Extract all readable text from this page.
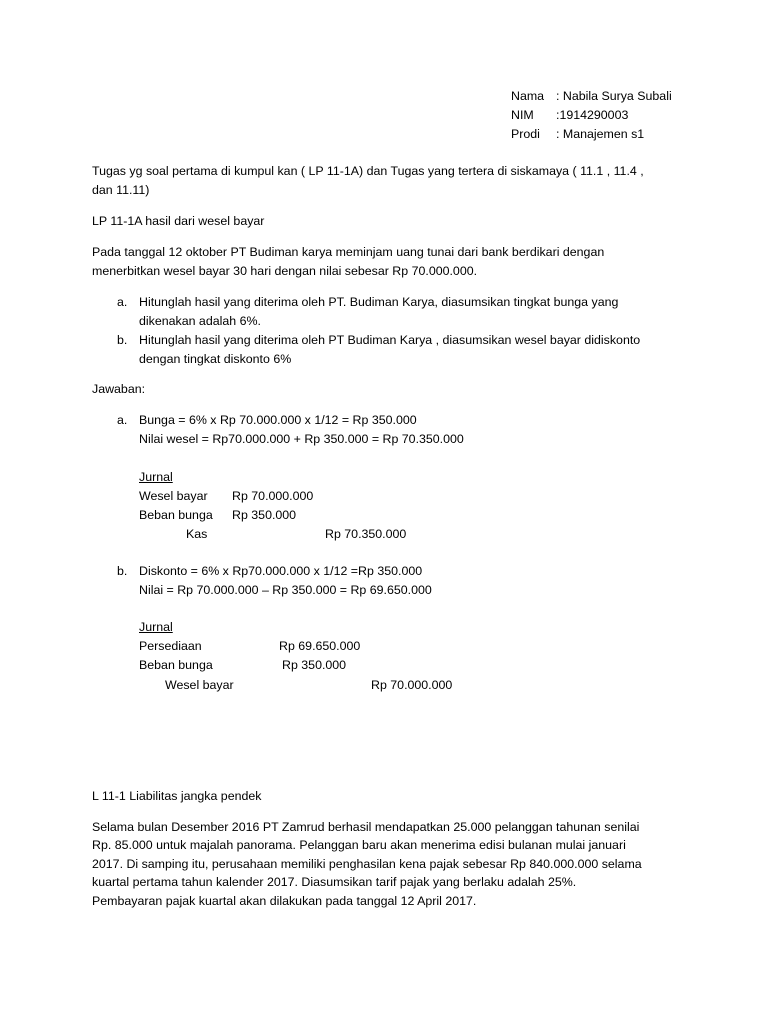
Nama : Nabila Surya Subali
NIM :1914290003
Prodi : Manajemen s1
Tugas yg soal pertama di kumpul kan ( LP 11-1A) dan Tugas yang tertera di siskamaya ( 11.1 , 11.4 ,
dan 11.11)
LP 11-1A hasil dari wesel bayar
Pada tanggal 12 oktober PT Budiman karya meminjam uang tunai dari bank berdikari dengan
menerbitkan wesel bayar 30 hari dengan nilai sebesar Rp 70.000.000.
a. Hitunglah hasil yang diterima oleh PT. Budiman Karya, diasumsikan tingkat bunga yang
dikenakan adalah 6%.
b. Hitunglah hasil yang diterima oleh PT Budiman Karya , diasumsikan wesel bayar didiskonto
dengan tingkat diskonto 6%
Jawaban:
a. Bunga = 6% x Rp 70.000.000 x 1/12 = Rp 350.000
Nilai wesel = Rp70.000.000 + Rp 350.000 = Rp 70.350.000
Jurnal
Wesel bayar Rp 70.000.000
Beban bunga Rp 350.000
Kas	Rp 70.350.000
b. Diskonto = 6% x Rp70.000.000 x 1/12 =Rp 350.000
Nilai = Rp 70.000.000 – Rp 350.000 = Rp 69.650.000
Jurnal
Persediaan	Rp 69.650.000
Beban bunga	Rp 350.000
Wesel bayar	Rp 70.000.000
L 11-1 Liabilitas jangka pendek
Selama bulan Desember 2016 PT Zamrud berhasil mendapatkan 25.000 pelanggan tahunan senilai
Rp. 85.000 untuk majalah panorama. Pelanggan baru akan menerima edisi bulanan mulai januari
2017. Di samping itu, perusahaan memiliki penghasilan kena pajak sebesar Rp 840.000.000 selama
kuartal pertama tahun kalender 2017. Diasumsikan tarif pajak yang berlaku adalah 25%.
Pembayaran pajak kuartal akan dilakukan pada tanggal 12 April 2017.
